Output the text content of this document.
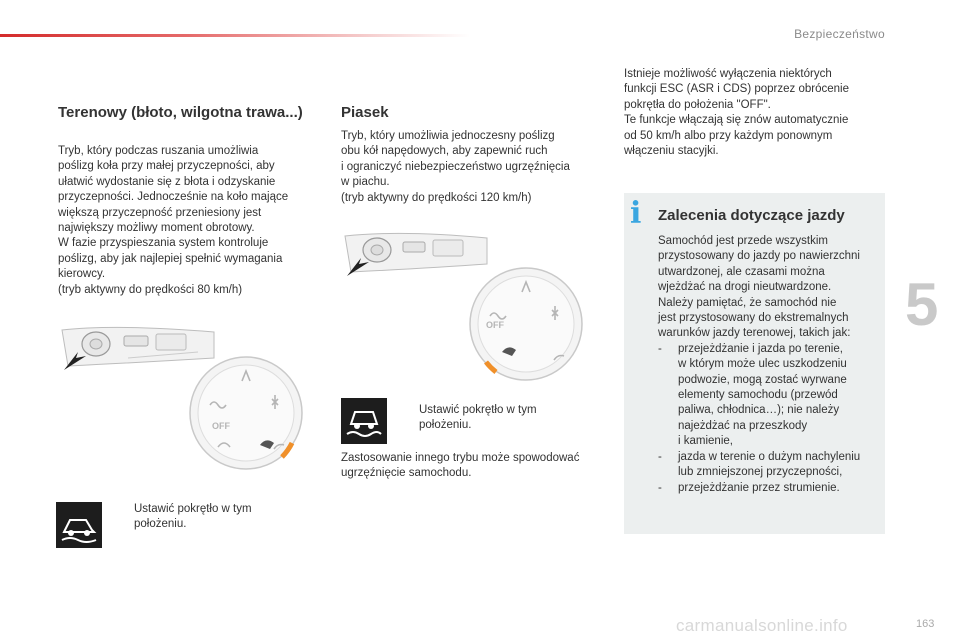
Bezpieczeństwo
5
163
carmanualsonline.info
Terenowy (błoto, wilgotna trawa...)
Tryb, który podczas ruszania umożliwia
poślizg koła przy małej przyczepności, aby
ułatwić wydostanie się z błota i odzyskanie
przyczepności. Jednocześnie na koło mające
większą przyczepność przeniesiony jest
największy możliwy moment obrotowy.
W fazie przyspieszania system kontroluje
poślizg, aby jak najlepiej spełnić wymagania
kierowcy.
(tryb aktywny do prędkości 80 km/h)
OFF
Ustawić pokrętło w tym
położeniu.
Piasek
Tryb, który umożliwia jednoczesny poślizg
obu kół napędowych, aby zapewnić ruch
i ograniczyć niebezpieczeństwo ugrzęźnięcia
w piachu.
(tryb aktywny do prędkości 120 km/h)
OFF
Ustawić pokrętło w tym
położeniu.
Zastosowanie innego trybu może spowodować
ugrzęźnięcie samochodu.
Istnieje możliwość wyłączenia niektórych
funkcji ESC (ASR i CDS) poprzez obrócenie
pokrętła do położenia "OFF".
Te funkcje włączają się znów automatycznie
od 50 km/h albo przy każdym ponownym
włączeniu stacyjki.
i Zalecenia dotyczące jazdy
Samochód jest przede wszystkim
przystosowany do jazdy po nawierzchni
utwardzonej, ale czasami można
wjeżdżać na drogi nieutwardzone.
Należy pamiętać, że samochód nie
jest przystosowany do ekstremalnych
warunków jazdy terenowej, takich jak:
-	przejeżdżanie i jazda po terenie,
w którym może ulec uszkodzeniu
podwozie, mogą zostać wyrwane
elementy samochodu (przewód
paliwa, chłodnica…); nie należy
najeżdżać na przeszkody
i kamienie,
-	jazda w terenie o dużym nachyleniu
lub zmniejszonej przyczepności,
-	przejeżdżanie przez strumienie.
